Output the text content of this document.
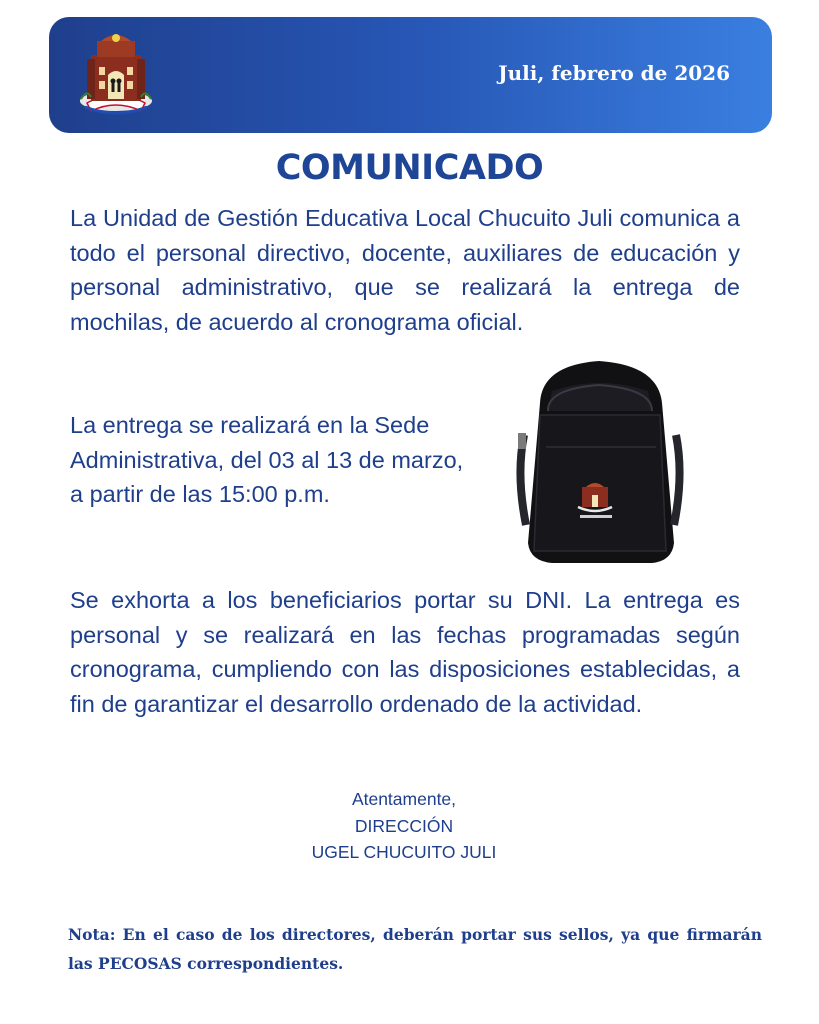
Juli, febrero de 2026
COMUNICADO
La Unidad de Gestión Educativa Local Chucuito Juli comunica a todo el personal directivo, docente, auxiliares de educación y personal administrativo, que se realizará la entrega de mochilas, de acuerdo al cronograma oficial.
La entrega se realizará en la Sede Administrativa, del 03 al 13 de marzo, a partir de las 15:00 p.m.
Se exhorta a los beneficiarios portar su DNI. La entrega es personal y se realizará en las fechas programadas según cronograma, cumpliendo con las disposiciones establecidas, a fin de garantizar el desarrollo ordenado de la actividad.
Atentamente,
DIRECCIÓN
UGEL CHUCUITO JULI
Nota: En el caso de los directores, deberán portar sus sellos, ya que firmarán las PECOSAS correspondientes.
